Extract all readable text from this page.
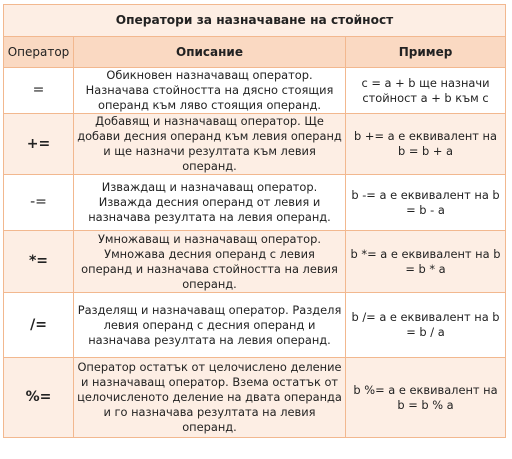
Оператори за назначаване на стойност		
Оператор	Описание	Пример
=	Обикновен назначаващ оператор. Назначава стойността на дясно стоящия операнд към ляво стоящия операнд.	c = a + b ще назначи стойност a + b към c
+=	Добавящ и назначаващ оператор. Ще добави десния операнд към левия операнд и ще назначи резултата към левия операнд.	b += a е еквивалент на b = b + a
-=	Изваждащ и назначаващ оператор. Изважда десния операнд от левия и назначава резултата на левия операнд.	b -= a е еквивалент на b = b - a
*=	Умножаващ и назначаващ оператор. Умножава десния операнд с левия операнд и назначава стойността на левия операнд.	b *= a е еквивалент на b = b * a
/=	Разделящ и назначаващ оператор. Разделя левия операнд с десния операнд и назначава резултата на левия операнд.	b /= a е еквивалент на b = b / a
%=	Оператор остатък от целочислено деление и назначаващ оператор. Взема остатък от целочисленото деление на двата операнда и го назначава резултата на левия операнд.	b %= a е еквивалент на b = b % a
